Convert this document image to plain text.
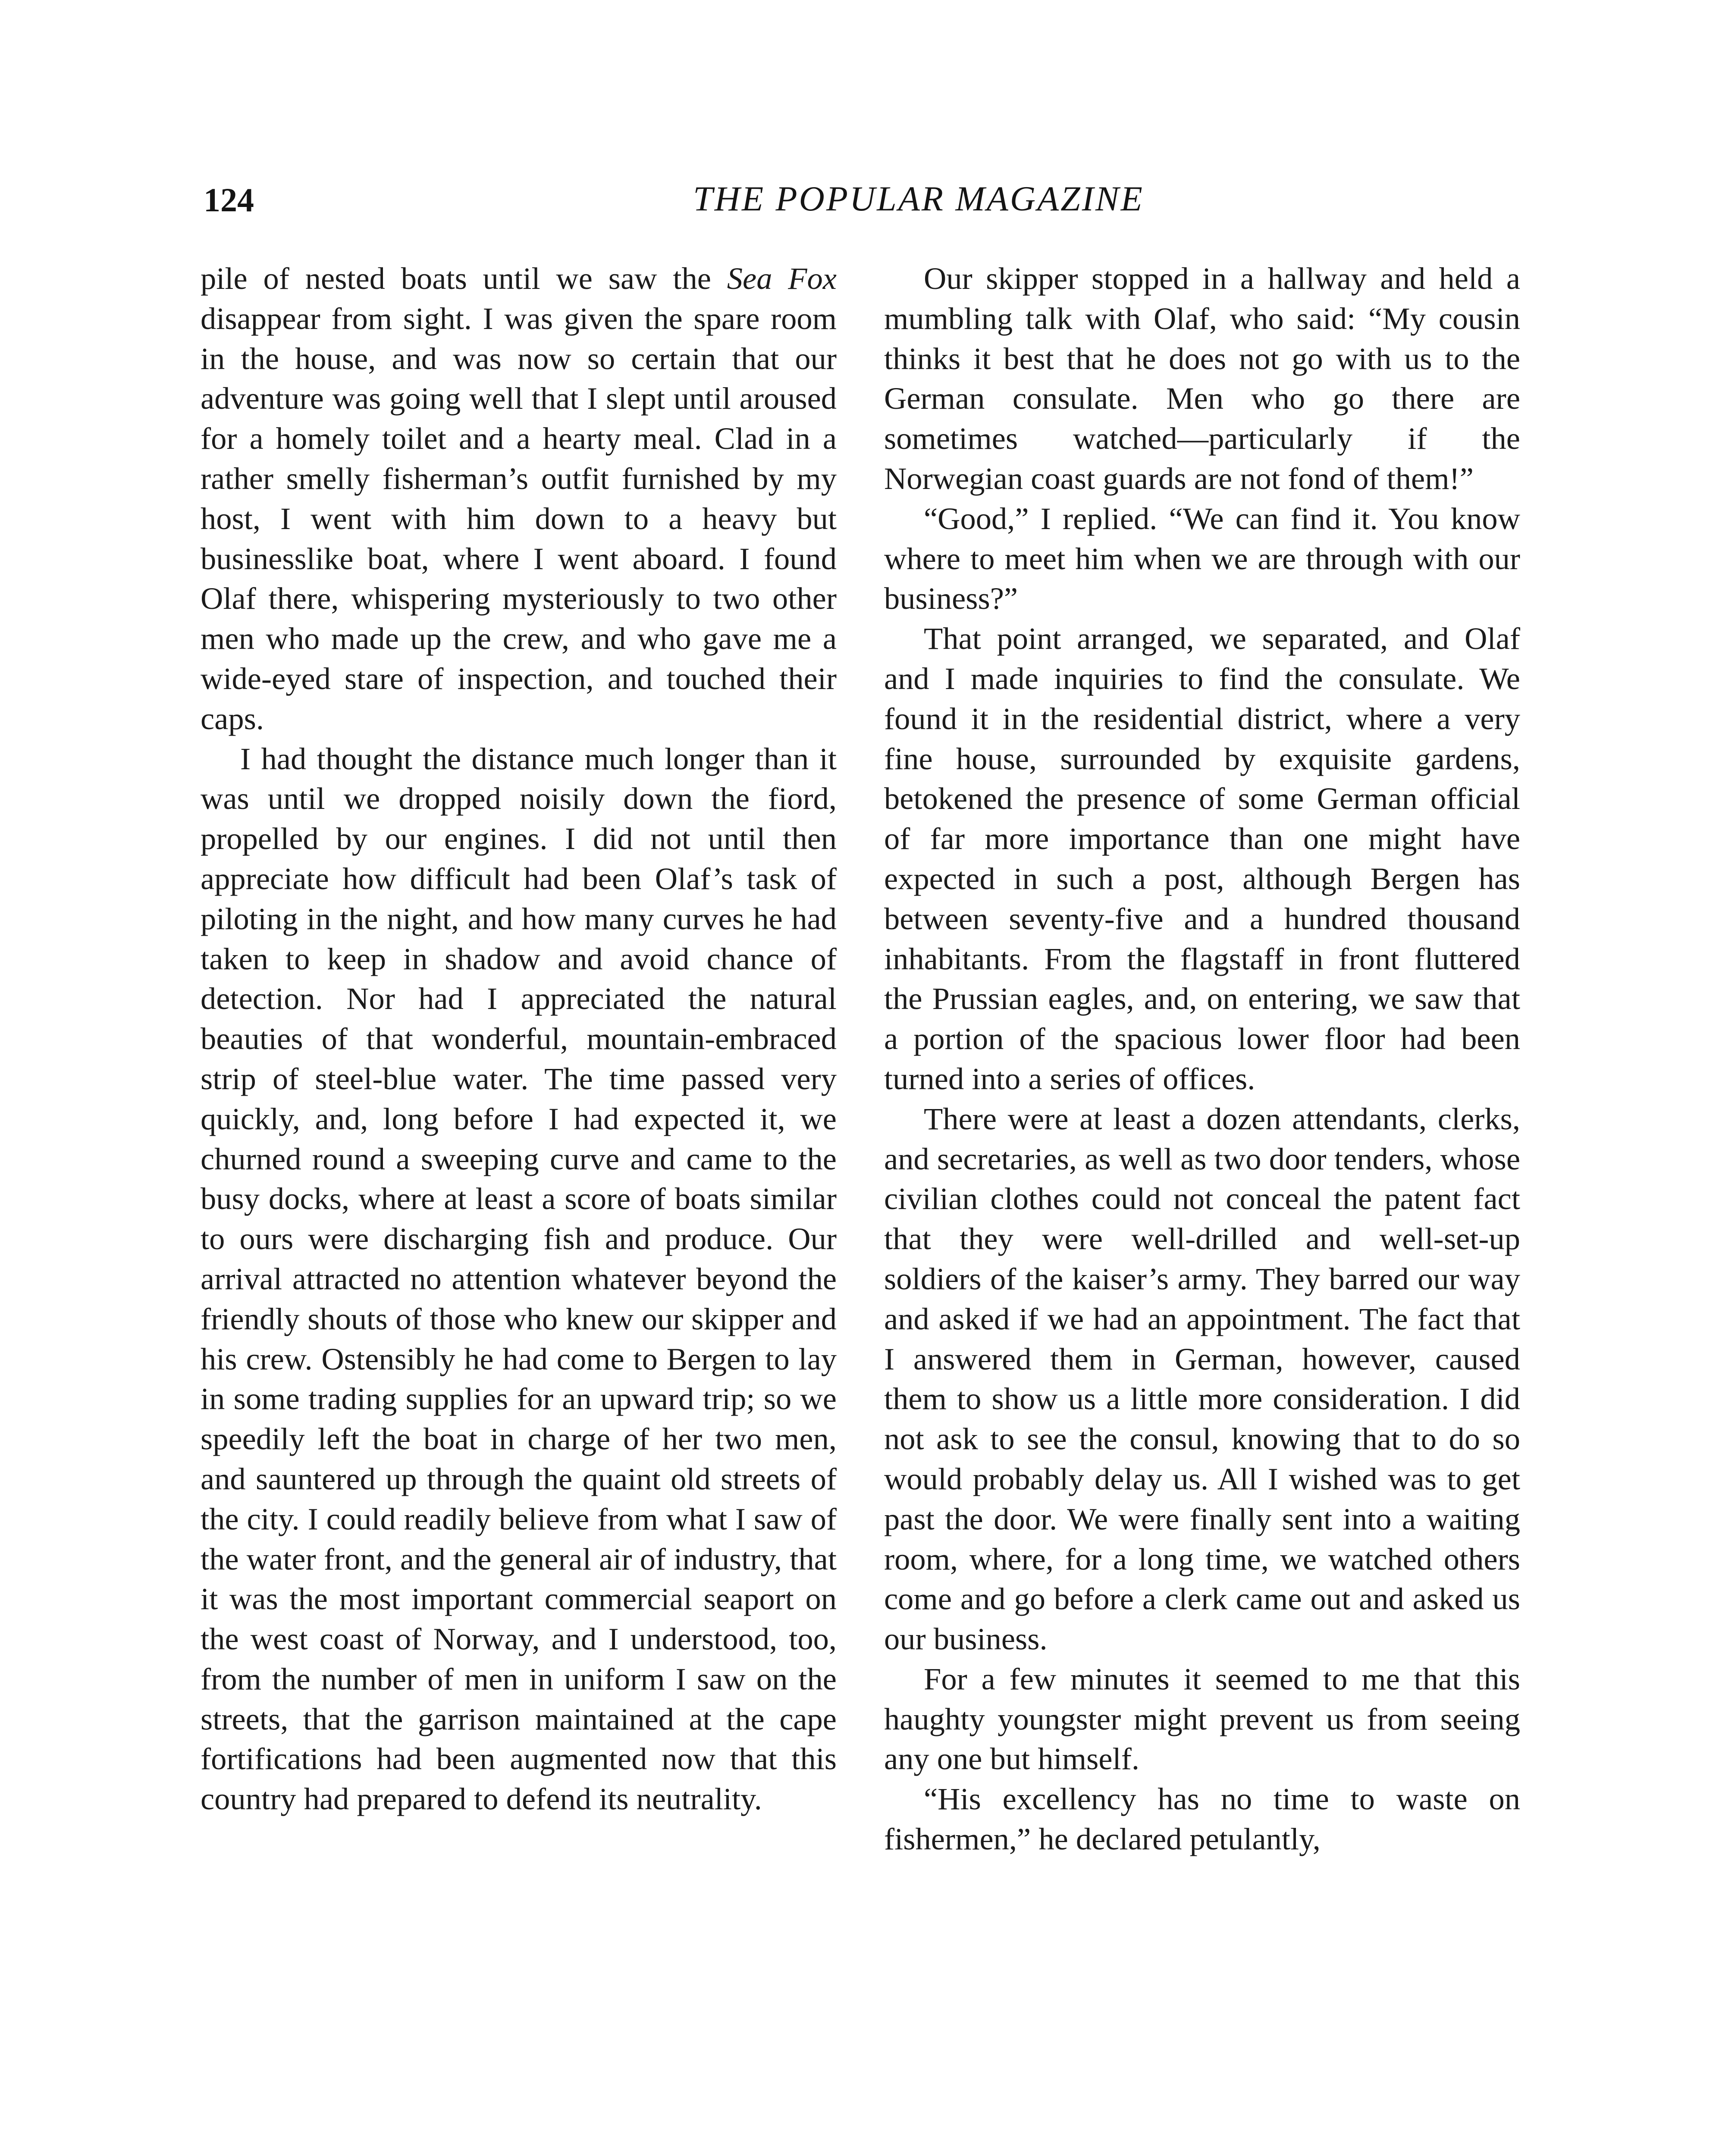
124	THE POPULAR MAGAZINE

pile of nested boats until we saw the Sea Fox disappear from sight. I was given the spare room in the house, and was now so certain that our adventure was going well that I slept until aroused for a homely toilet and a hearty meal. Clad in a rather smelly fisherman’s outfit furnished by my host, I went with him down to a heavy but businesslike boat, where I went aboard. I found Olaf there, whispering mysteriously to two other men who made up the crew, and who gave me a wide-eyed stare of inspection, and touched their caps.

I had thought the distance much longer than it was until we dropped noisily down the fiord, propelled by our engines. I did not until then appreciate how difficult had been Olaf’s task of piloting in the night, and how many curves he had taken to keep in shadow and avoid chance of detection. Nor had I appreciated the natural beauties of that wonderful, mountain-embraced strip of steel-blue water. The time passed very quickly, and, long before I had expected it, we churned round a sweeping curve and came to the busy docks, where at least a score of boats similar to ours were discharging fish and produce. Our arrival attracted no attention whatever beyond the friendly shouts of those who knew our skipper and his crew. Ostensibly he had come to Bergen to lay in some trading supplies for an upward trip; so we speedily left the boat in charge of her two men, and sauntered up through the quaint old streets of the city. I could readily believe from what I saw of the water front, and the general air of industry, that it was the most important commercial seaport on the west coast of Norway, and I understood, too, from the number of men in uniform I saw on the streets, that the garrison maintained at the cape fortifications had been augmented now that this country had prepared to defend its neutrality.

Our skipper stopped in a hallway and held a mumbling talk with Olaf, who said: “My cousin thinks it best that he does not go with us to the German consulate. Men who go there are sometimes watched—particularly if the Norwegian coast guards are not fond of them!”

“Good,” I replied. “We can find it. You know where to meet him when we are through with our business?”

That point arranged, we separated, and Olaf and I made inquiries to find the consulate. We found it in the residential district, where a very fine house, surrounded by exquisite gardens, betokened the presence of some German official of far more importance than one might have expected in such a post, although Bergen has between seventy-five and a hundred thousand inhabitants. From the flagstaff in front fluttered the Prussian eagles, and, on entering, we saw that a portion of the spacious lower floor had been turned into a series of offices.

There were at least a dozen attendants, clerks, and secretaries, as well as two door tenders, whose civilian clothes could not conceal the patent fact that they were well-drilled and well-set-up soldiers of the kaiser’s army. They barred our way and asked if we had an appointment. The fact that I answered them in German, however, caused them to show us a little more consideration. I did not ask to see the consul, knowing that to do so would probably delay us. All I wished was to get past the door. We were finally sent into a waiting room, where, for a long time, we watched others come and go before a clerk came out and asked us our business.

For a few minutes it seemed to me that this haughty youngster might prevent us from seeing any one but himself.

“His excellency has no time to waste on fishermen,” he declared petulantly,
